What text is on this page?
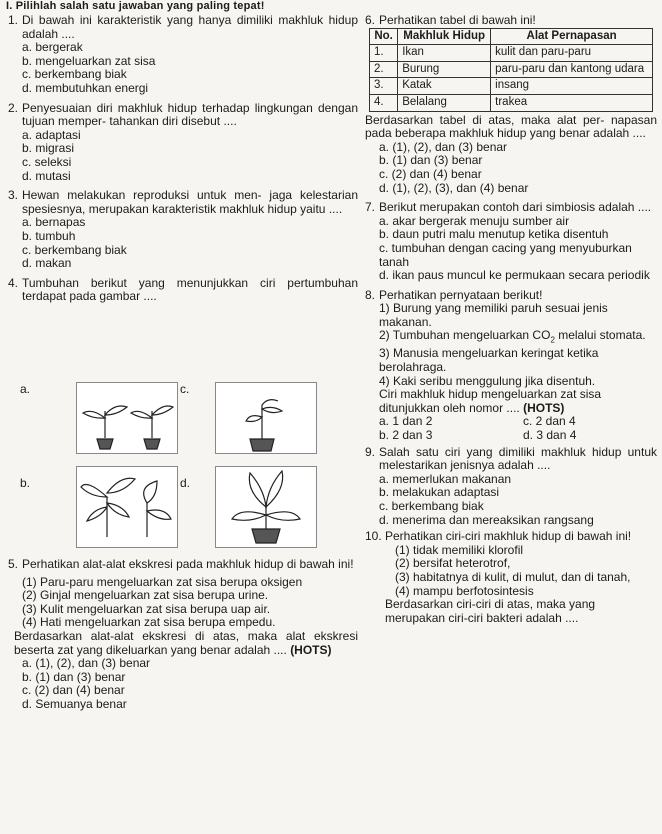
I. Pilihlah salah satu jawaban yang paling tepat!
1. Di bawah ini karakteristik yang hanya dimiliki makhluk hidup adalah ....
a. bergerak
b. mengeluarkan zat sisa
c. berkembang biak
d. membutuhkan energi
2. Penyesuaian diri makhluk hidup terhadap lingkungan dengan tujuan memper- tahankan diri disebut ....
a. adaptasi
b. migrasi
c. seleksi
d. mutasi
3. Hewan melakukan reproduksi untuk men- jaga kelestarian spesiesnya, merupakan karakteristik makhluk hidup yaitu ....
a. bernapas
b. tumbuh
c. berkembang biak
d. makan
4. Tumbuhan berikut yang menunjukkan ciri pertumbuhan terdapat pada gambar ....
a.	c.
b.	d.
5. Perhatikan alat-alat ekskresi pada makhluk hidup di bawah ini!
(1) Paru-paru mengeluarkan zat sisa berupa oksigen
(2) Ginjal mengeluarkan zat sisa berupa urine.
(3) Kulit mengeluarkan zat sisa berupa uap air.
(4) Hati mengeluarkan zat sisa berupa empedu.
Berdasarkan alat-alat ekskresi di atas, maka alat ekskresi beserta zat yang dikeluarkan yang benar adalah .... (HOTS)
a. (1), (2), dan (3) benar
b. (1) dan (3) benar
c. (2) dan (4) benar
d. Semuanya benar
6. Perhatikan tabel di bawah ini!
No.	Makhluk Hidup	Alat Pernapasan
1.	Ikan	kulit dan paru-paru
2.	Burung	paru-paru dan kantong udara
3.	Katak	insang
4.	Belalang	trakea
Berdasarkan tabel di atas, maka alat per- napasan pada beberapa makhluk hidup yang benar adalah ....
a. (1), (2), dan (3) benar
b. (1) dan (3) benar
c. (2) dan (4) benar
d. (1), (2), (3), dan (4) benar
7. Berikut merupakan contoh dari simbiosis adalah ....
a. akar bergerak menuju sumber air
b. daun putri malu menutup ketika disentuh
c. tumbuhan dengan cacing yang menyuburkan tanah
d. ikan paus muncul ke permukaan secara periodik
8. Perhatikan pernyataan berikut!
1) Burung yang memiliki paruh sesuai jenis makanan.
2) Tumbuhan mengeluarkan $CO_2$ melalui stomata.
3) Manusia mengeluarkan keringat ketika berolahraga.
4) Kaki seribu menggulung jika disentuh.
Ciri makhluk hidup mengeluarkan zat sisa ditunjukkan oleh nomor .... (HOTS)
a. 1 dan 2	c. 2 dan 4
b. 2 dan 3	d. 3 dan 4
9. Salah satu ciri yang dimiliki makhluk hidup untuk melestarikan jenisnya adalah ....
a. memerlukan makanan
b. melakukan adaptasi
c. berkembang biak
d. menerima dan mereaksikan rangsang
10. Perhatikan ciri-ciri makhluk hidup di bawah ini!
(1) tidak memiliki klorofil
(2) bersifat heterotrof,
(3) habitatnya di kulit, di mulut, dan di tanah,
(4) mampu berfotosintesis
Berdasarkan ciri-ciri di atas, maka yang merupakan ciri-ciri bakteri adalah ....
